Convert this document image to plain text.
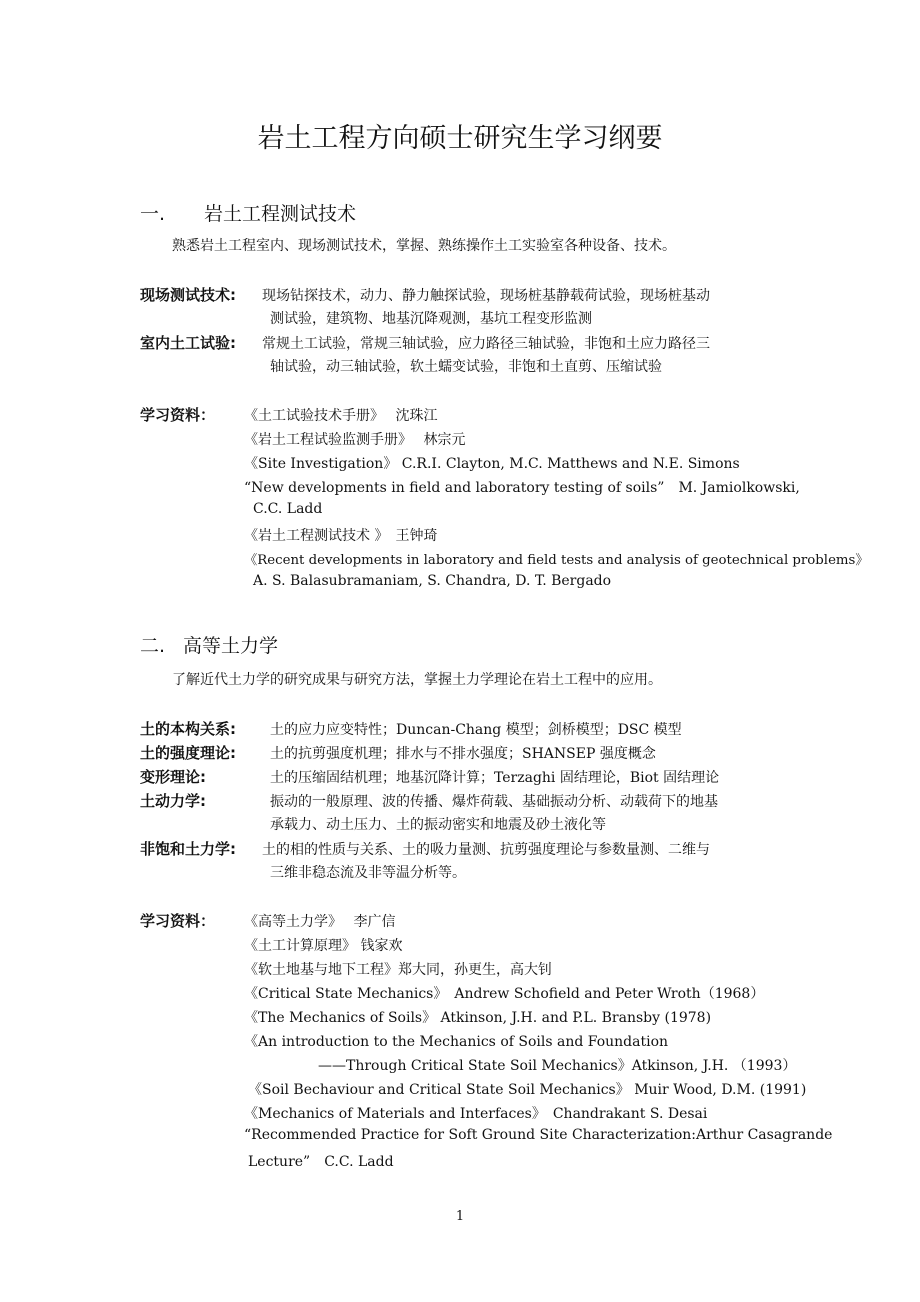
岩土工程方向硕士研究生学习纲要
一. 岩土工程测试技术
熟悉岩土工程室内、现场测试技术，掌握、熟练操作土工实验室各种设备、技术。
现场测试技术: 现场钻探技术，动力、静力触探试验，现场桩基静载荷试验，现场桩基动
测试验，建筑物、地基沉降观测，基坑工程变形监测
室内土工试验: 常规土工试验，常规三轴试验，应力路径三轴试验，非饱和土应力路径三
轴试验，动三轴试验，软土蠕变试验，非饱和土直剪、压缩试验
学习资料： 《土工试验技术手册》　 沈珠江
《岩土工程试验监测手册》　 林宗元
《Site Investigation》 C.R.I. Clayton, M.C. Matthews and N.E. Simons
“New developments in field and laboratory testing of soils”　M. Jamiolkowski,
C.C. Ladd
《岩土工程测试技术 》　王钟琦
《Recent developments in laboratory and field tests and analysis of geotechnical problems》
A. S. Balasubramaniam, S. Chandra, D. T. Bergado
二. 高等土力学
了解近代土力学的研究成果与研究方法，掌握土力学理论在岩土工程中的应用。
土的本构关系: 土的应力应变特性；Duncan-Chang 模型；剑桥模型；DSC 模型
土的强度理论: 土的抗剪强度机理；排水与不排水强度；SHANSEP 强度概念
变形理论:	土的压缩固结机理；地基沉降计算；Terzaghi 固结理论，Biot 固结理论
土动力学:	振动的一般原理、波的传播、爆炸荷载、基础振动分析、动载荷下的地基
承载力、动土压力、土的振动密实和地震及砂土液化等
非饱和土力学: 土的相的性质与关系、土的吸力量测、抗剪强度理论与参数量测、二维与
三维非稳态流及非等温分析等。
学习资料： 《高等土力学》　 李广信
《土工计算原理》 钱家欢
《软土地基与地下工程》郑大同，孙更生，高大钊
《Critical State Mechanics》　Andrew Schofield and Peter Wroth（1968）
《The Mechanics of Soils》 Atkinson, J.H. and P.L. Bransby (1978)
《An introduction to the Mechanics of Soils and Foundation
——Through Critical State Soil Mechanics》Atkinson, J.H. （1993）
《Soil Bechaviour and Critical State Soil Mechanics》 Muir Wood, D.M. (1991)
《Mechanics of Materials and Interfaces》　Chandrakant S. Desai
“Recommended Practice for Soft Ground Site Characterization:Arthur Casagrande
Lecture”　C.C. Ladd
1
